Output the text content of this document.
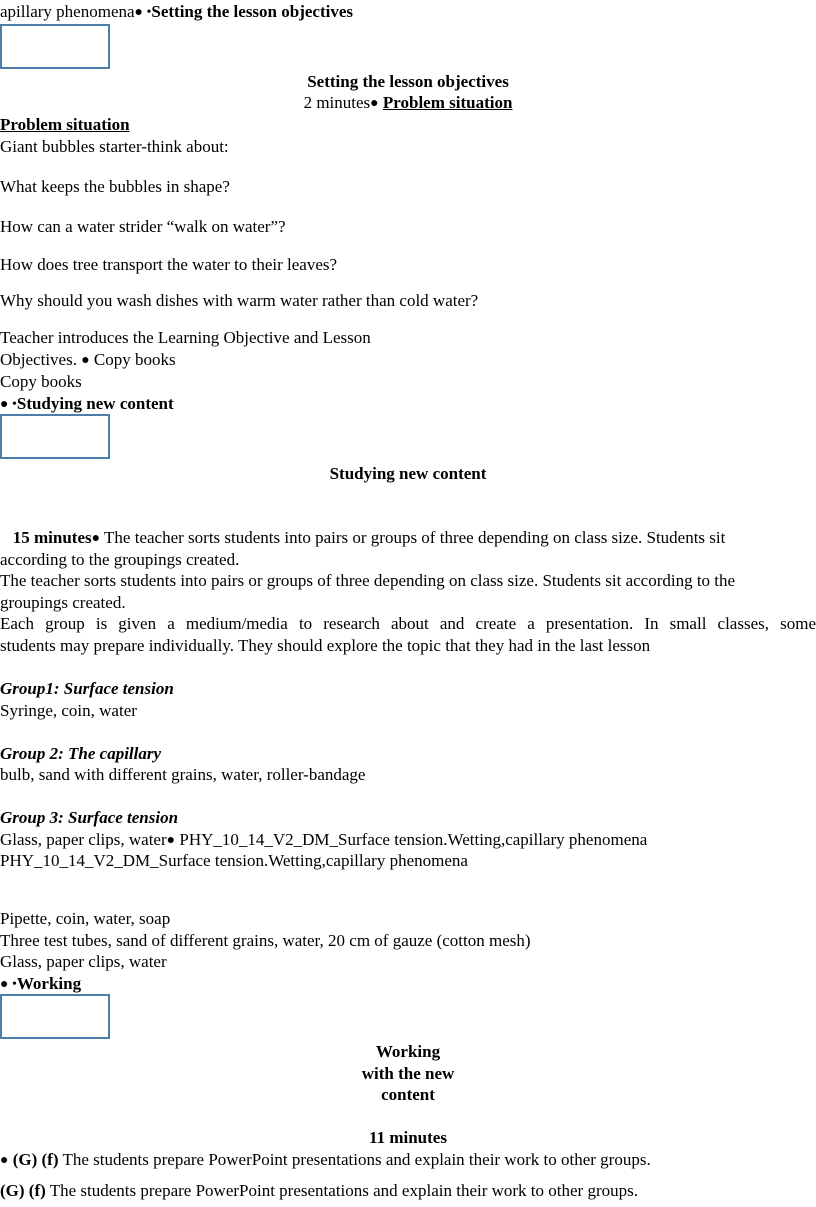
apillary phenomena● •Setting the lesson objectives
Setting the lesson objectives
2 minutes● Problem situation
Problem situation
Giant bubbles starter-think about:
What keeps the bubbles in shape?
How can a water strider “walk on water”?
How does tree transport the water to their leaves?
Why should you wash dishes with warm water rather than cold water?
Teacher introduces the Learning Objective and Lesson
Objectives. ● Copy books
Copy books
● •Studying new content
Studying new content
15 minutes● The teacher sorts students into pairs or groups of three depending on class size. Students sit
according to the groupings created.
The teacher sorts students into pairs or groups of three depending on class size. Students sit according to the
groupings created.
Each group is given a medium/media to research about and create a presentation. In small classes, some
students may prepare individually. They should explore the topic that they had in the last lesson
Group1: Surface tension
Syringe, coin, water
Group 2: The capillary
bulb, sand with different grains, water, roller-bandage
Group 3: Surface tension
Glass, paper clips, water● PHY_10_14_V2_DM_Surface tension.Wetting,capillary phenomena
PHY_10_14_V2_DM_Surface tension.Wetting,capillary phenomena
Pipette, coin, water, soap
Three test tubes, sand of different grains, water, 20 cm of gauze (cotton mesh)
Glass, paper clips, water
● •Working
Working
with the new
content
11 minutes
● (G) (f) The students prepare PowerPoint presentations and explain their work to other groups.
(G) (f) The students prepare PowerPoint presentations and explain their work to other groups.
